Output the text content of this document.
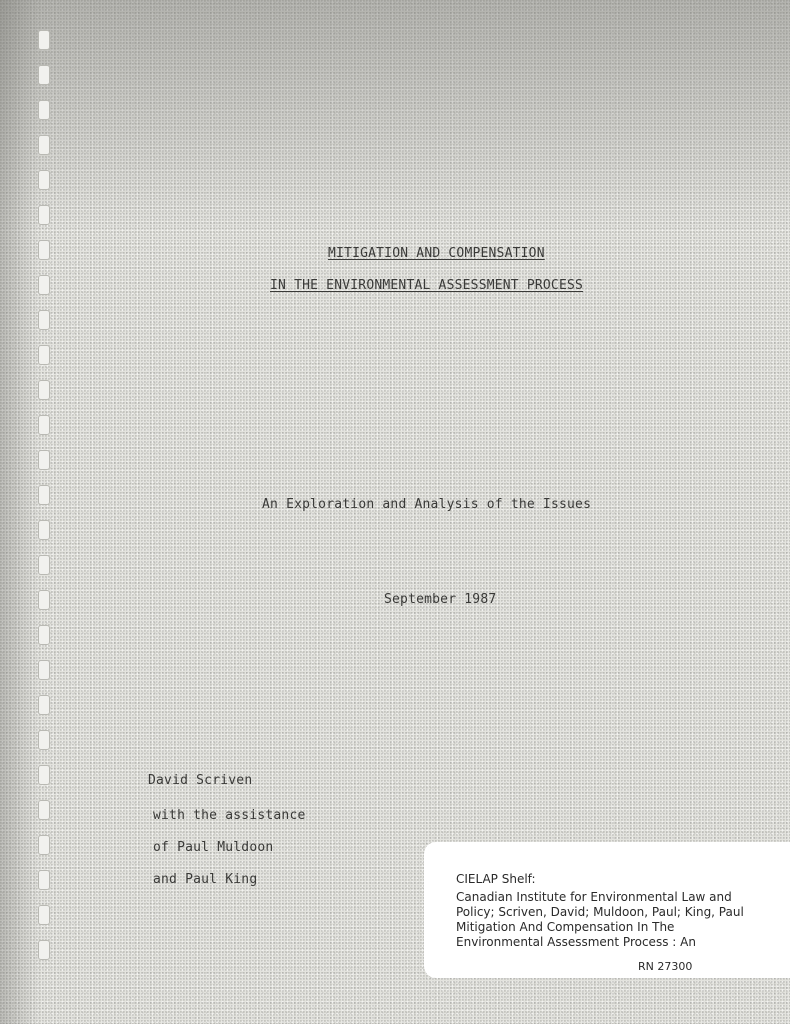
MITIGATION AND COMPENSATION
IN THE ENVIRONMENTAL ASSESSMENT PROCESS

An Exploration and Analysis of the Issues

September 1987

David Scriven

with the assistance

of Paul Muldoon

and Paul King	CIELAP Shelf:
Canadian Institute for Environmental Law and
Policy; Scriven, David; Muldoon, Paul; King, Paul
Mitigation And Compensation In The
Environmental Assessment Process : An
RN 27300
